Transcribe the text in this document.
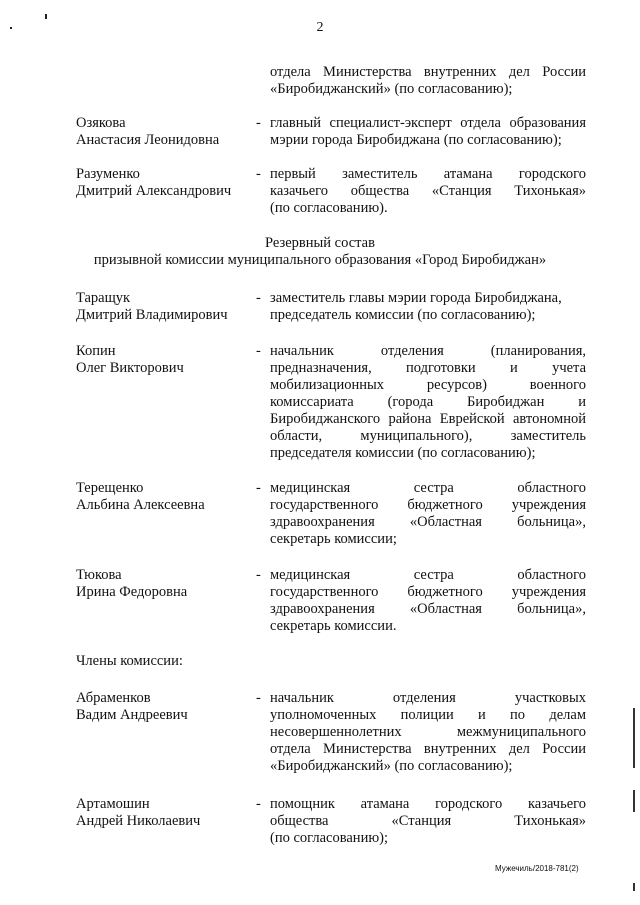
2
отдела Министерства внутренних дел России
«Биробиджанский» (по согласованию);
Озякова
Анастасия Леонидовна
- главный специалист-эксперт отдела образования
мэрии города Биробиджана (по согласованию);
Разуменко
Дмитрий Александрович
- первый заместитель атамана городского
казачьего общества «Станция Тихонькая»
(по согласованию).
Резервный состав
призывной комиссии муниципального образования «Город Биробиджан»
Таращук
Дмитрий Владимирович
- заместитель главы мэрии города Биробиджана,
председатель комиссии (по согласованию);
Копин
Олег Викторович
- начальник отделения (планирования,
предназначения, подготовки и учета
мобилизационных ресурсов) военного
комиссариата (города Биробиджан и
Биробиджанского района Еврейской автономной
области, муниципального), заместитель
председателя комиссии (по согласованию);
Терещенко
Альбина Алексеевна
- медицинская сестра областного
государственного бюджетного учреждения
здравоохранения «Областная больница»,
секретарь комиссии;
Тюкова
Ирина Федоровна
- медицинская сестра областного
государственного бюджетного учреждения
здравоохранения «Областная больница»,
секретарь комиссии.
Члены комиссии:
Абраменков
Вадим Андреевич
- начальник отделения участковых
уполномоченных полиции и по делам
несовершеннолетних межмуниципального
отдела Министерства внутренних дел России
«Биробиджанский» (по согласованию);
Артамошин
Андрей Николаевич
- помощник атамана городского казачьего
общества «Станция Тихонькая»
(по согласованию);
Мужечиль/2018-781(2)
